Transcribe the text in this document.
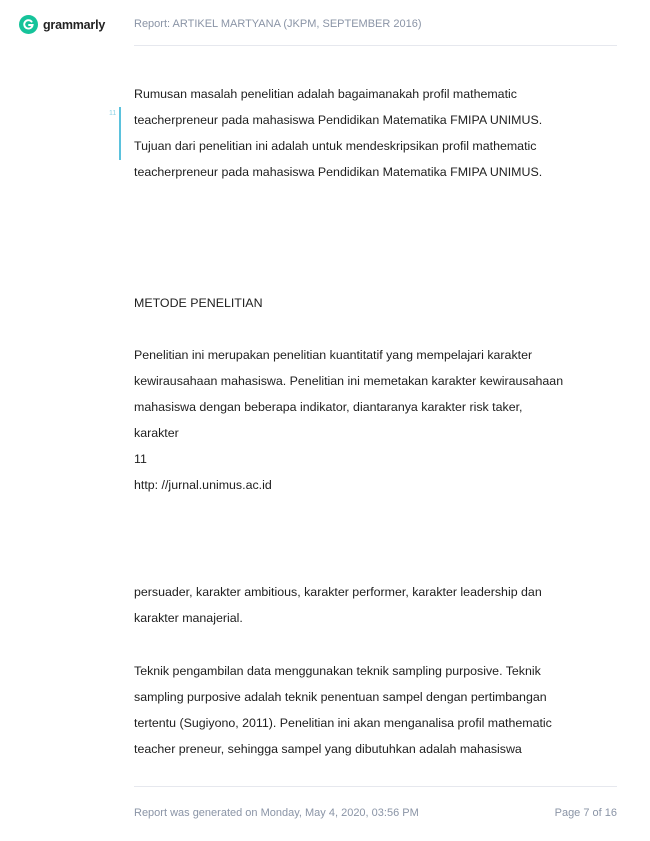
grammarly	Report: ARTIKEL MARTYANA (JKPM, SEPTEMBER 2016)
11
Rumusan masalah penelitian adalah bagaimanakah profil mathematic
teacherpreneur pada mahasiswa Pendidikan Matematika FMIPA UNIMUS.
Tujuan dari penelitian ini adalah untuk mendeskripsikan profil mathematic
teacherpreneur pada mahasiswa Pendidikan Matematika FMIPA UNIMUS.
METODE PENELITIAN
Penelitian ini merupakan penelitian kuantitatif yang mempelajari karakter
kewirausahaan mahasiswa. Penelitian ini memetakan karakter kewirausahaan
mahasiswa dengan beberapa indikator, diantaranya karakter risk taker,
karakter
11
http: //jurnal.unimus.ac.id
persuader, karakter ambitious, karakter performer, karakter leadership dan
karakter manajerial.
Teknik pengambilan data menggunakan teknik sampling purposive. Teknik
sampling purposive adalah teknik penentuan sampel dengan pertimbangan
tertentu (Sugiyono, 2011). Penelitian ini akan menganalisa profil mathematic
teacher preneur, sehingga sampel yang dibutuhkan adalah mahasiswa
Report was generated on Monday, May 4, 2020, 03:56 PM	Page 7 of 16
